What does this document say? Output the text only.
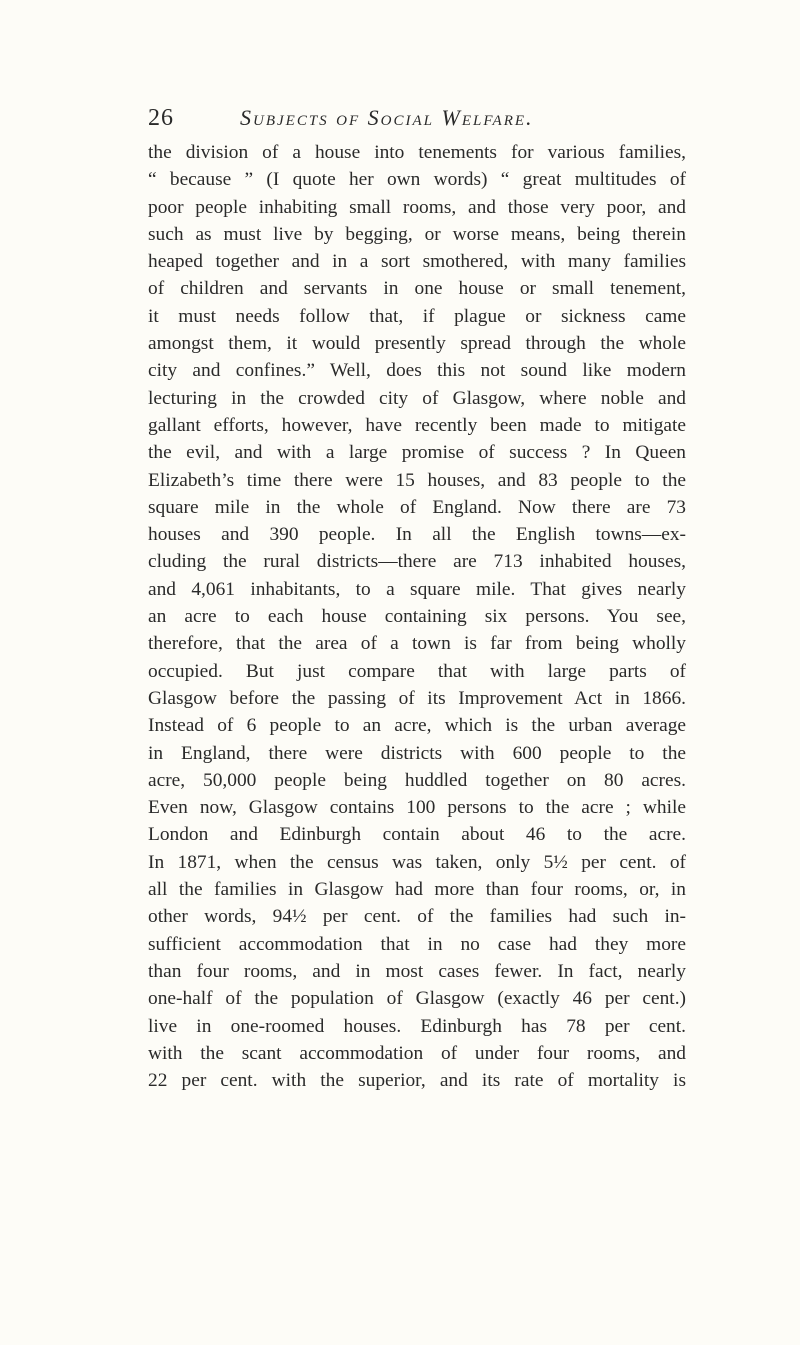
26	Subjects of Social Welfare.
the division of a house into tenements for various families,
“ because ” (I quote her own words) “ great multitudes of
poor people inhabiting small rooms, and those very poor, and
such as must live by begging, or worse means, being therein
heaped together and in a sort smothered, with many families
of children and servants in one house or small tenement,
it must needs follow that, if plague or sickness came
amongst them, it would presently spread through the whole
city and confines.” Well, does this not sound like modern
lecturing in the crowded city of Glasgow, where noble and
gallant efforts, however, have recently been made to mitigate
the evil, and with a large promise of success ? In Queen
Elizabeth’s time there were 15 houses, and 83 people to the
square mile in the whole of England. Now there are 73
houses and 390 people. In all the English towns—ex-
cluding the rural districts—there are 713 inhabited houses,
and 4,061 inhabitants, to a square mile. That gives nearly
an acre to each house containing six persons. You see,
therefore, that the area of a town is far from being wholly
occupied. But just compare that with large parts of
Glasgow before the passing of its Improvement Act in 1866.
Instead of 6 people to an acre, which is the urban average
in England, there were districts with 600 people to the
acre, 50,000 people being huddled together on 80 acres.
Even now, Glasgow contains 100 persons to the acre ; while
London and Edinburgh contain about 46 to the acre.
In 1871, when the census was taken, only 5½ per cent. of
all the families in Glasgow had more than four rooms, or, in
other words, 94½ per cent. of the families had such in-
sufficient accommodation that in no case had they more
than four rooms, and in most cases fewer. In fact, nearly
one-half of the population of Glasgow (exactly 46 per cent.)
live in one-roomed houses. Edinburgh has 78 per cent.
with the scant accommodation of under four rooms, and
22 per cent. with the superior, and its rate of mortality is
